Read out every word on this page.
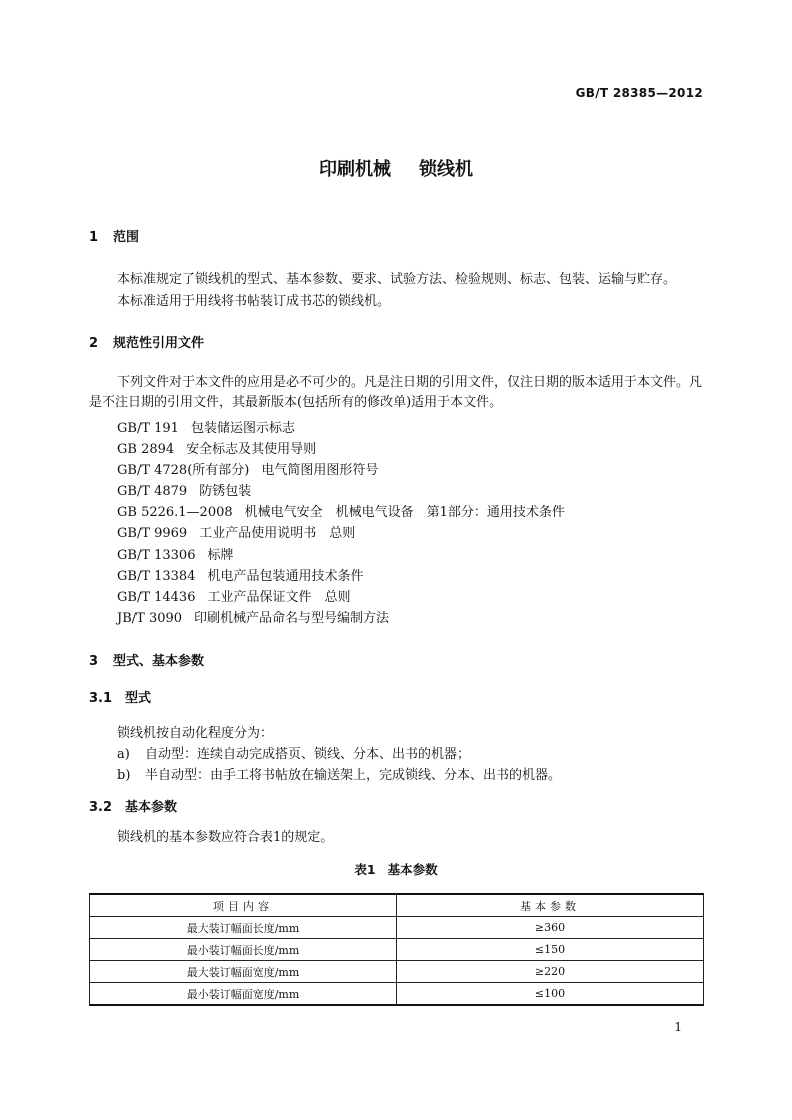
GB/T 28385—2012
印刷机械 锁线机
1 范围
本标准规定了锁线机的型式、基本参数、要求、试验方法、检验规则、标志、包装、运输与贮存。
本标准适用于用线将书帖装订成书芯的锁线机。
2 规范性引用文件
下列文件对于本文件的应用是必不可少的。凡是注日期的引用文件，仅注日期的版本适用于本文件。凡是不注日期的引用文件，其最新版本(包括所有的修改单)适用于本文件。
GB/T 191 包装储运图示标志
GB 2894 安全标志及其使用导则
GB/T 4728(所有部分) 电气简图用图形符号
GB/T 4879 防锈包装
GB 5226.1—2008 机械电气安全　机械电气设备　第1部分：通用技术条件
GB/T 9969 工业产品使用说明书　总则
GB/T 13306 标牌
GB/T 13384 机电产品包装通用技术条件
GB/T 14436 工业产品保证文件　总则
JB/T 3090 印刷机械产品命名与型号编制方法
3 型式、基本参数
3.1 型式
锁线机按自动化程度分为：
a) 自动型：连续自动完成搭页、锁线、分本、出书的机器；
b) 半自动型：由手工将书帖放在输送架上，完成锁线、分本、出书的机器。
3.2 基本参数
锁线机的基本参数应符合表1的规定。
表1 基本参数
项目内容	基本参数
最大装订幅面长度/mm	≥360
最小装订幅面长度/mm	≤150
最大装订幅面宽度/mm	≥220
最小装订幅面宽度/mm	≤100
1
